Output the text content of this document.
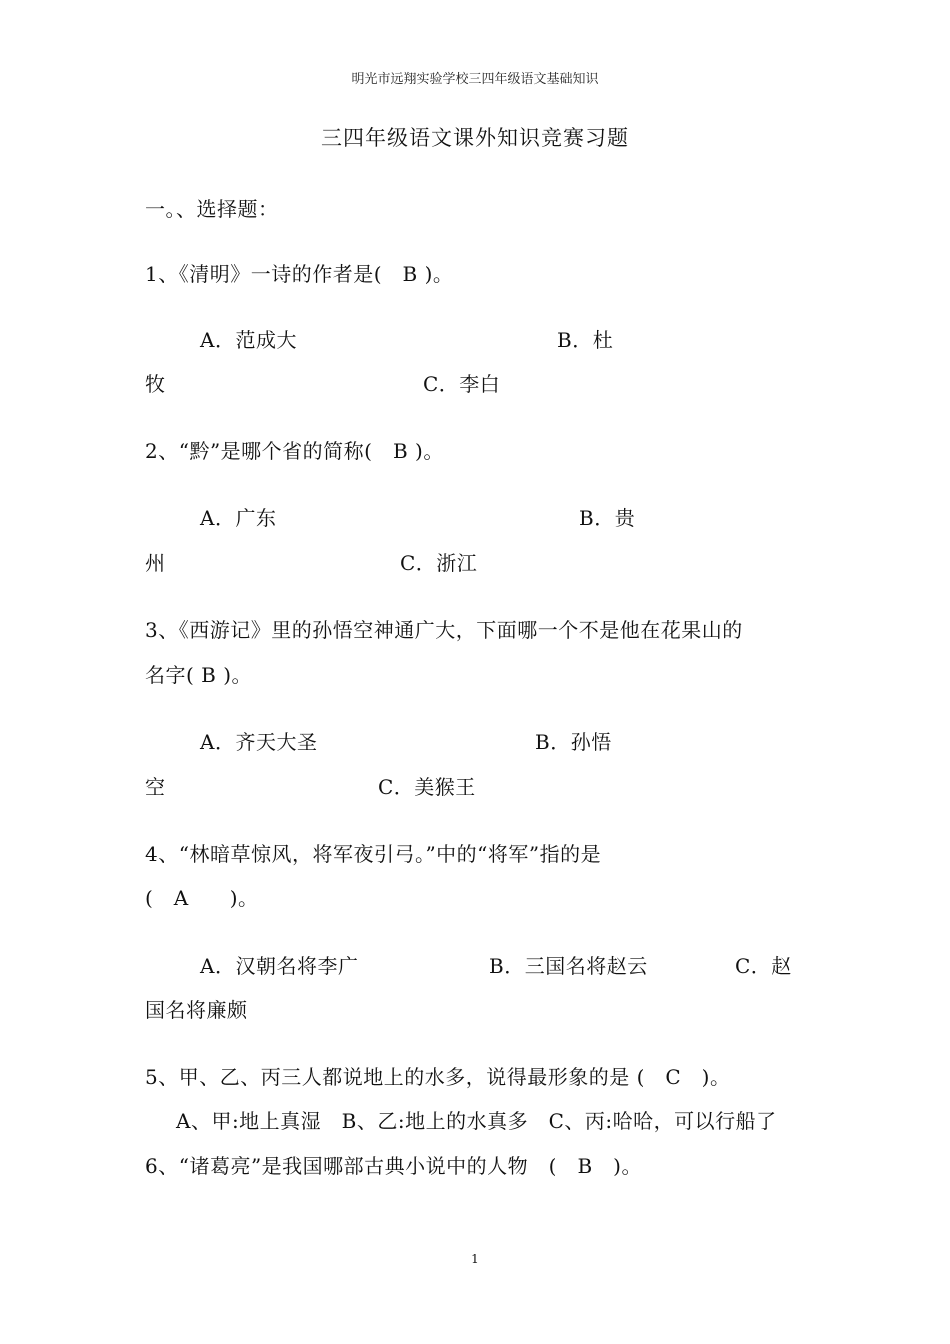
明光市远翔实验学校三四年级语文基础知识
三四年级语文课外知识竞赛习题
一。、选择题：
1、《清明》一诗的作者是(　B )。
A．范成大	B．杜
牧	C．李白
2、“黔”是哪个省的简称(　B )。
A．广东	B．贵
州	C．浙江
3、《西游记》里的孙悟空神通广大，下面哪一个不是他在花果山的
名字( B )。
A．齐天大圣	B．孙悟
空	C．美猴王
4、“林暗草惊风，将军夜引弓。”中的“将军”指的是
(　A　　)。
A．汉朝名将李广	B．三国名将赵云	C．赵
国名将廉颇
5、甲、乙、丙三人都说地上的水多，说得最形象的是 (　C　)。
A、甲:地上真湿　B、乙:地上的水真多　C、丙:哈哈，可以行船了
6、“诸葛亮”是我国哪部古典小说中的人物　(　B　)。
1
